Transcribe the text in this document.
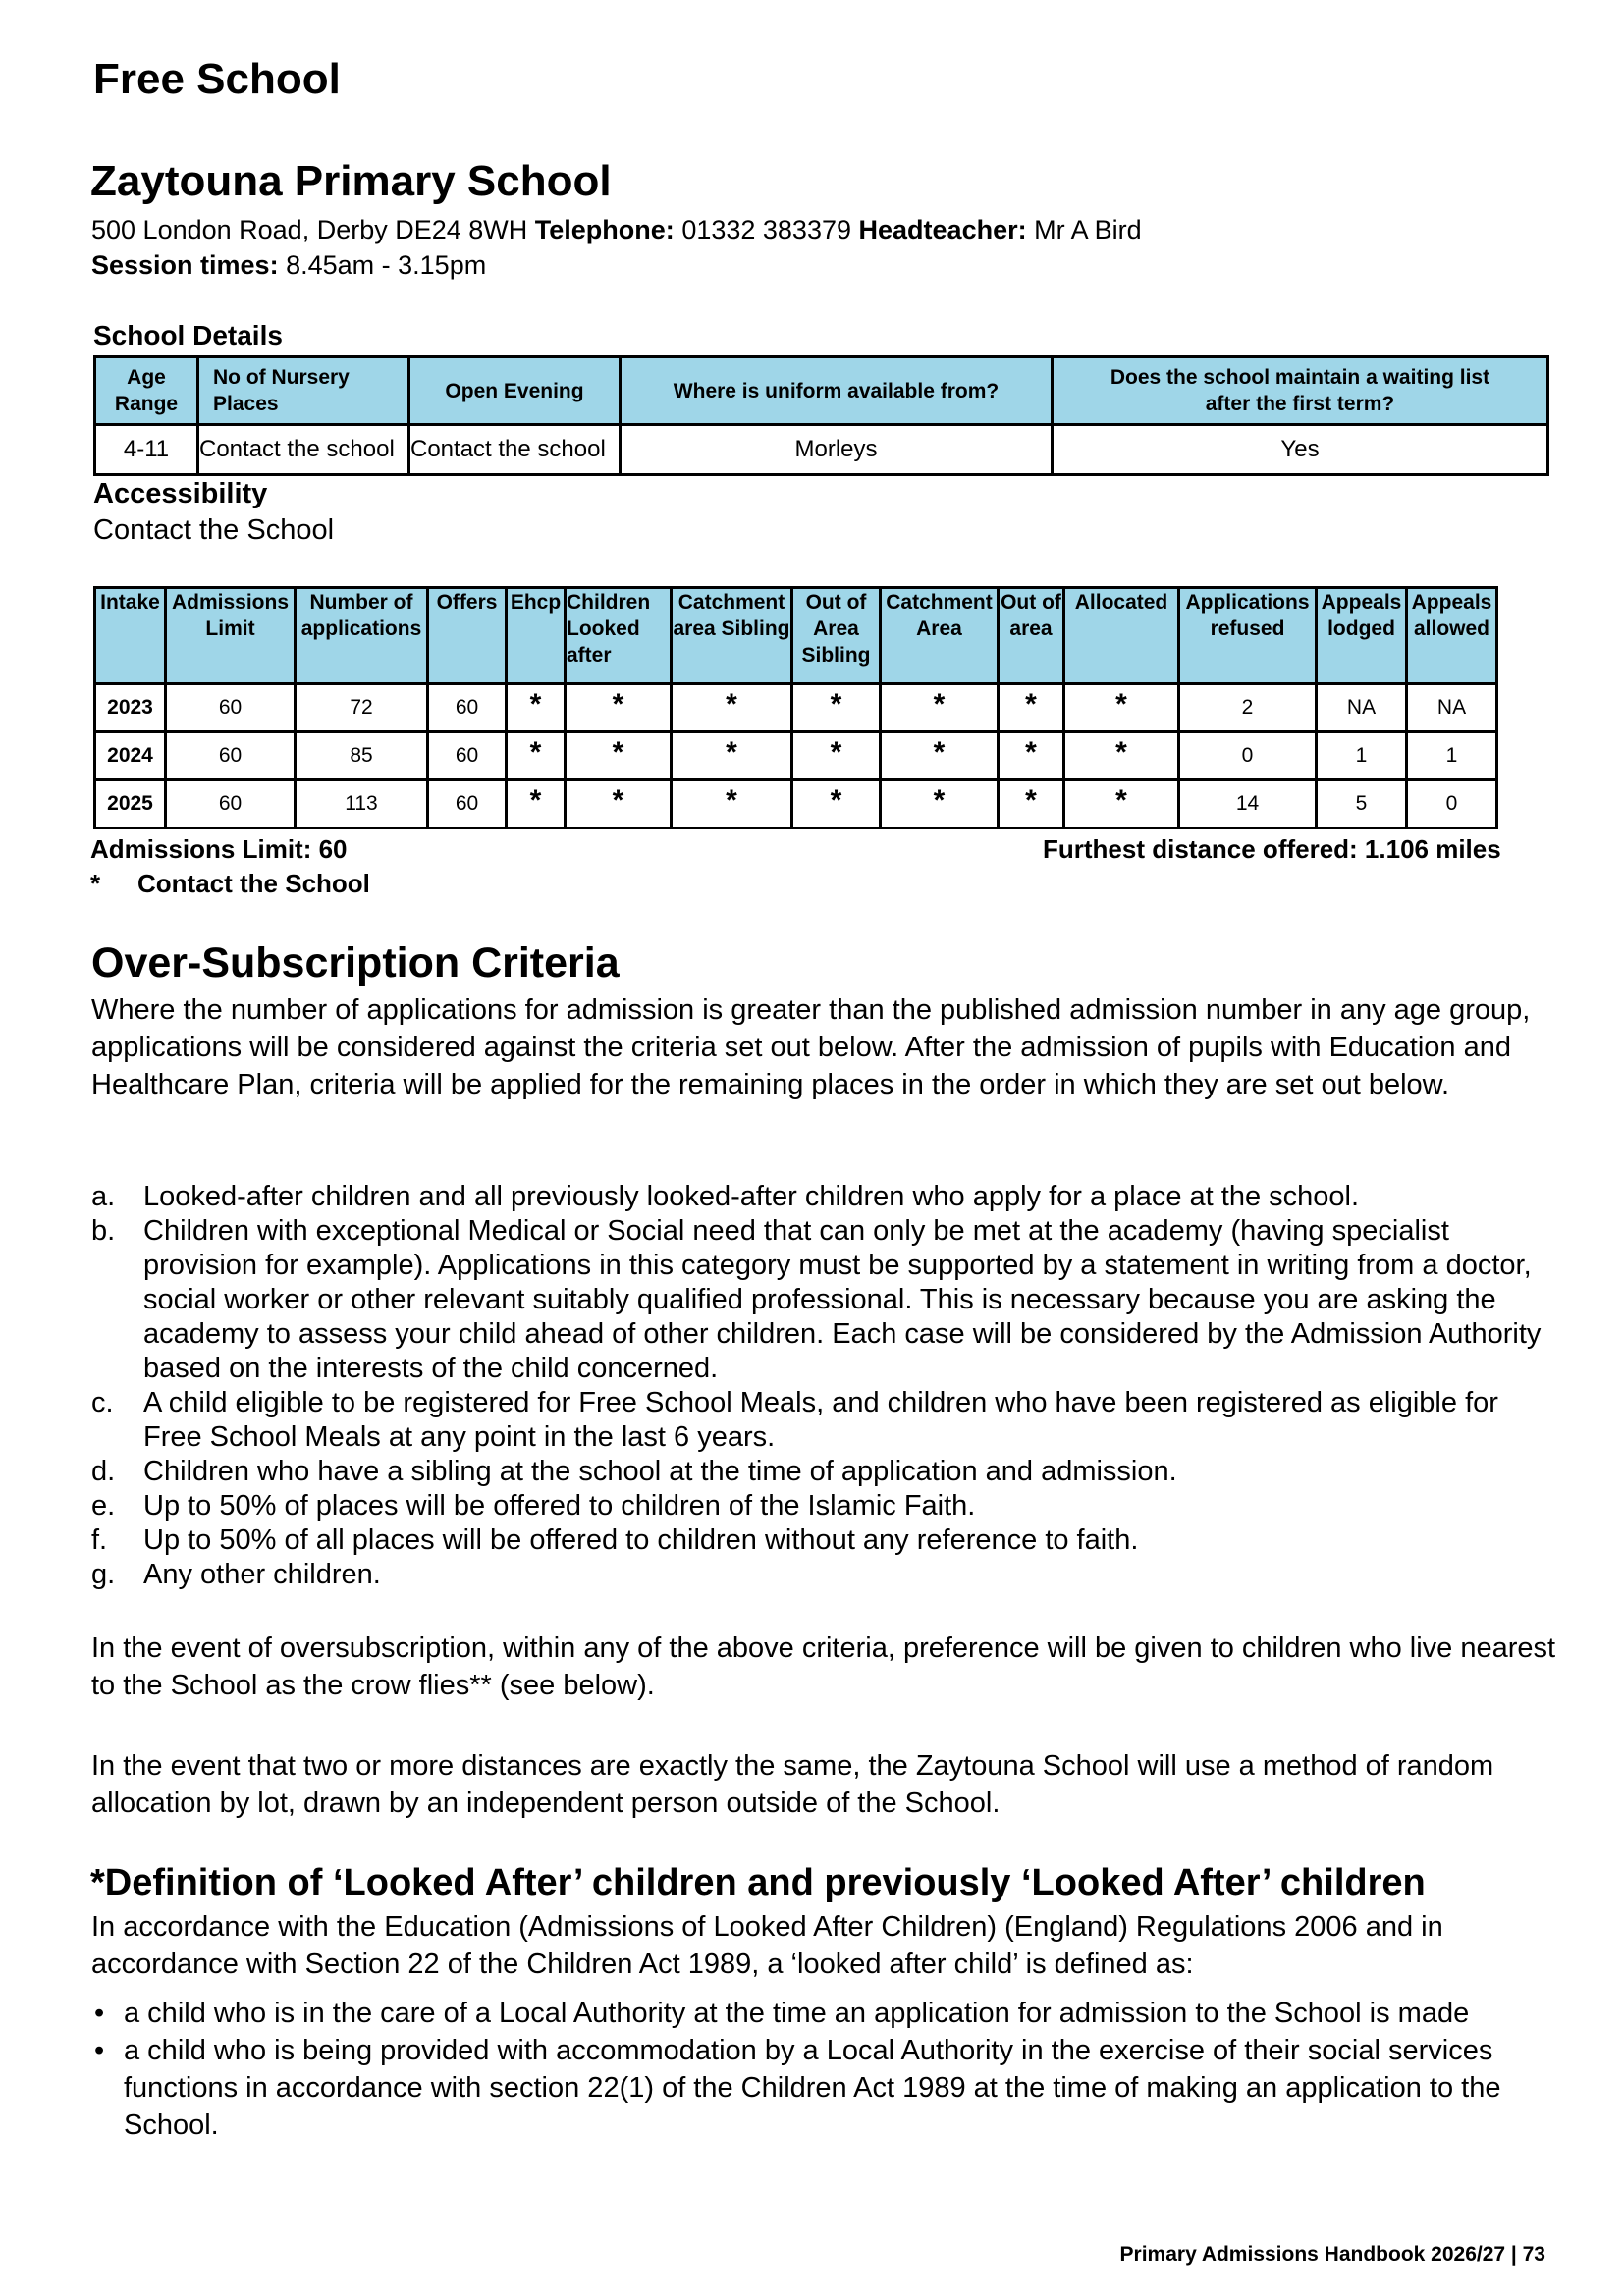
Free School
Zaytouna Primary School
500 London Road, Derby DE24 8WH Telephone: 01332 383379 Headteacher: Mr A Bird
Session times: 8.45am - 3.15pm
School Details
Age Range	No of Nursery Places	Open Evening	Where is uniform available from?	Does the school maintain a waiting list after the first term?
4-11	Contact the school	Contact the school	Morleys	Yes
Accessibility
Contact the School
Intake	Admissions Limit	Number of applications	Offers	Ehcp	Children Looked after	Catchment area Sibling	Out of Area Sibling	Catchment Area	Out of area	Allocated	Applications refused	Appeals lodged	Appeals allowed
2023	60	72	60	*	*	*	*	*	*	*	2	NA	NA
2024	60	85	60	*	*	*	*	*	*	*	0	1	1
2025	60	113	60	*	*	*	*	*	*	*	14	5	0
Admissions Limit: 60	Furthest distance offered: 1.106 miles
* Contact the School
Over-Subscription Criteria
Where the number of applications for admission is greater than the published admission number in any age group, applications will be considered against the criteria set out below. After the admission of pupils with Education and Healthcare Plan, criteria will be applied for the remaining places in the order in which they are set out below.
a. Looked-after children and all previously looked-after children who apply for a place at the school.
b. Children with exceptional Medical or Social need that can only be met at the academy (having specialist provision for example). Applications in this category must be supported by a statement in writing from a doctor, social worker or other relevant suitably qualified professional. This is necessary because you are asking the academy to assess your child ahead of other children. Each case will be considered by the Admission Authority based on the interests of the child concerned.
c. A child eligible to be registered for Free School Meals, and children who have been registered as eligible for Free School Meals at any point in the last 6 years.
d. Children who have a sibling at the school at the time of application and admission.
e. Up to 50% of places will be offered to children of the Islamic Faith.
f. Up to 50% of all places will be offered to children without any reference to faith.
g. Any other children.
In the event of oversubscription, within any of the above criteria, preference will be given to children who live nearest to the School as the crow flies** (see below).
In the event that two or more distances are exactly the same, the Zaytouna School will use a method of random allocation by lot, drawn by an independent person outside of the School.
*Definition of ‘Looked After’ children and previously ‘Looked After’ children
In accordance with the Education (Admissions of Looked After Children) (England) Regulations 2006 and in accordance with Section 22 of the Children Act 1989, a ‘looked after child’ is defined as:
• a child who is in the care of a Local Authority at the time an application for admission to the School is made
• a child who is being provided with accommodation by a Local Authority in the exercise of their social services functions in accordance with section 22(1) of the Children Act 1989 at the time of making an application to the School.
Primary Admissions Handbook 2026/27 | 73
